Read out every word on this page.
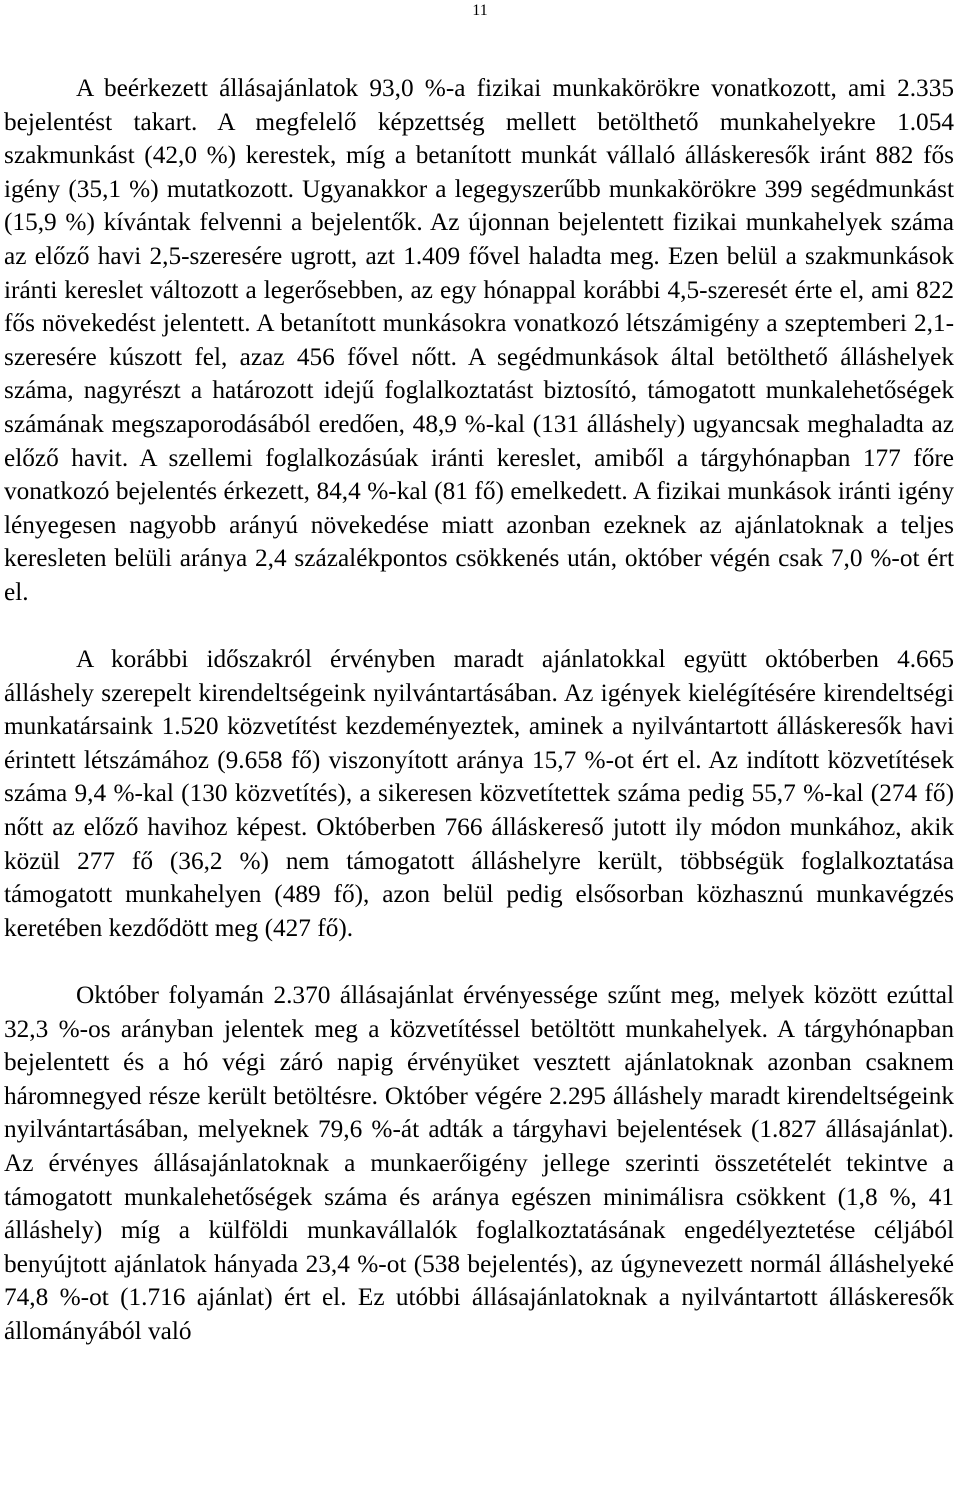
11

A beérkezett állásajánlatok 93,0 %-a fizikai munkakörökre vonatkozott, ami 2.335 bejelentést takart. A megfelelő képzettség mellett betölthető munkahelyekre 1.054 szakmunkást (42,0 %) kerestek, míg a betanított munkát vállaló álláskeresők iránt 882 fős igény (35,1 %) mutatkozott. Ugyanakkor a legegyszerűbb munkakörökre 399 segédmunkást (15,9 %) kívántak felvenni a bejelentők. Az újonnan bejelentett fizikai munkahelyek száma az előző havi 2,5-szeresére ugrott, azt 1.409 fővel haladta meg. Ezen belül a szakmunkások iránti kereslet változott a legerősebben, az egy hónappal korábbi 4,5-szeresét érte el, ami 822 fős növekedést jelentett. A betanított munkásokra vonatkozó létszámigény a szeptemberi 2,1-szeresére kúszott fel, azaz 456 fővel nőtt. A segédmunkások által betölthető álláshelyek száma, nagyrészt a határozott idejű foglalkoztatást biztosító, támogatott munkalehetőségek számának megszaporodásából eredően, 48,9 %-kal (131 álláshely) ugyancsak meghaladta az előző havit. A szellemi foglalkozásúak iránti kereslet, amiből a tárgyhónapban 177 főre vonatkozó bejelentés érkezett, 84,4 %-kal (81 fő) emelkedett. A fizikai munkások iránti igény lényegesen nagyobb arányú növekedése miatt azonban ezeknek az ajánlatoknak a teljes keresleten belüli aránya 2,4 százalékpontos csökkenés után, október végén csak 7,0 %-ot ért el.

A korábbi időszakról érvényben maradt ajánlatokkal együtt októberben 4.665 álláshely szerepelt kirendeltségeink nyilvántartásában. Az igények kielégítésére kirendeltségi munkatársaink 1.520 közvetítést kezdeményeztek, aminek a nyilvántartott álláskeresők havi érintett létszámához (9.658 fő) viszonyított aránya 15,7 %-ot ért el. Az indított közvetítések száma 9,4 %-kal (130 közvetítés), a sikeresen közvetítettek száma pedig 55,7 %-kal (274 fő) nőtt az előző havihoz képest. Októberben 766 álláskereső jutott ily módon munkához, akik közül 277 fő (36,2 %) nem támogatott álláshelyre került, többségük foglalkoztatása támogatott munkahelyen (489 fő), azon belül pedig elsősorban közhasznú munkavégzés keretében kezdődött meg (427 fő).

Október folyamán 2.370 állásajánlat érvényessége szűnt meg, melyek között ezúttal 32,3 %-os arányban jelentek meg a közvetítéssel betöltött munkahelyek. A tárgyhónapban bejelentett és a hó végi záró napig érvényüket vesztett ajánlatoknak azonban csaknem háromnegyed része került betöltésre. Október végére 2.295 álláshely maradt kirendeltségeink nyilvántartásában, melyeknek 79,6 %-át adták a tárgyhavi bejelentések (1.827 állásajánlat). Az érvényes állásajánlatoknak a munkaerőigény jellege szerinti összetételét tekintve a támogatott munkalehetőségek száma és aránya egészen minimálisra csökkent (1,8 %, 41 álláshely) míg a külföldi munkavállalók foglalkoztatásának engedélyeztetése céljából benyújtott ajánlatok hányada 23,4 %-ot (538 bejelentés), az úgynevezett normál álláshelyeké 74,8 %-ot (1.716 ajánlat) ért el. Ez utóbbi állásajánlatoknak a nyilvántartott álláskeresők állományából való
